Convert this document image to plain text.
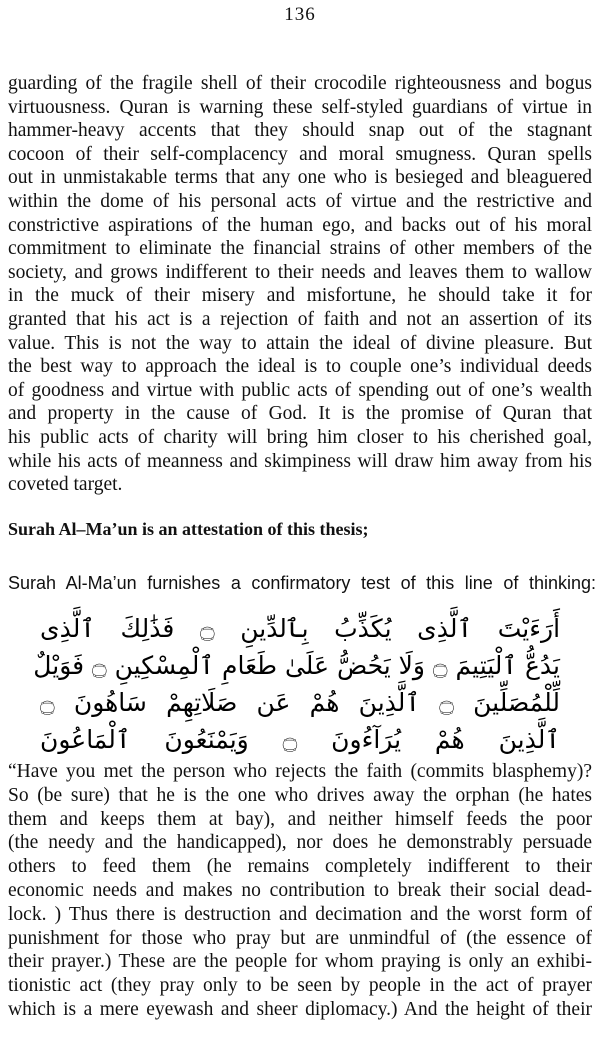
136
guarding of the fragile shell of their crocodile righteousness and bogus
virtuousness. Quran is warning these self-styled guardians of virtue in
hammer-heavy accents that they should snap out of the stagnant
cocoon of their self-complacency and moral smugness. Quran spells
out in unmistakable terms that any one who is besieged and bleaguered
within the dome of his personal acts of virtue and the restrictive and
constrictive aspirations of the human ego, and backs out of his moral
commitment to eliminate the financial strains of other members of the
society, and grows indifferent to their needs and leaves them to wallow
in the muck of their misery and misfortune, he should take it for
granted that his act is a rejection of faith and not an assertion of its
value. This is not the way to attain the ideal of divine pleasure. But
the best way to approach the ideal is to couple one’s individual deeds
of goodness and virtue with public acts of spending out of one’s wealth
and property in the cause of God. It is the promise of Quran that
his public acts of charity will bring him closer to his cherished goal,
while his acts of meanness and skimpiness will draw him away from his
coveted target.
Surah Al–Ma’un is an attestation of this thesis;
Surah Al-Ma’un furnishes a confirmatory test of this line of thinking:
أَرَءَيْتَ ٱلَّذِى يُكَذِّبُ بِٱلدِّينِ ۝ فَذَٰلِكَ ٱلَّذِى
يَدُعُّ ٱلْيَتِيمَ ۝ وَلَا يَحُضُّ عَلَىٰ طَعَامِ ٱلْمِسْكِينِ ۝ فَوَيْلٌ
لِّلْمُصَلِّينَ ۝ ٱلَّذِينَ هُمْ عَن صَلَاتِهِمْ سَاهُونَ ۝
ٱلَّذِينَ هُمْ يُرَآءُونَ ۝ وَيَمْنَعُونَ ٱلْمَاعُونَ
“Have you met the person who rejects the faith (commits blasphemy)?
So (be sure) that he is the one who drives away the orphan (he hates
them and keeps them at bay), and neither himself feeds the poor
(the needy and the handicapped), nor does he demonstrably persuade
others to feed them (he remains completely indifferent to their
economic needs and makes no contribution to break their social dead-
lock. ) Thus there is destruction and decimation and the worst form of
punishment for those who pray but are unmindful of (the essence of
their prayer.) These are the people for whom praying is only an exhibi-
tionistic act (they pray only to be seen by people in the act of prayer
which is a mere eyewash and sheer diplomacy.) And the height of their
